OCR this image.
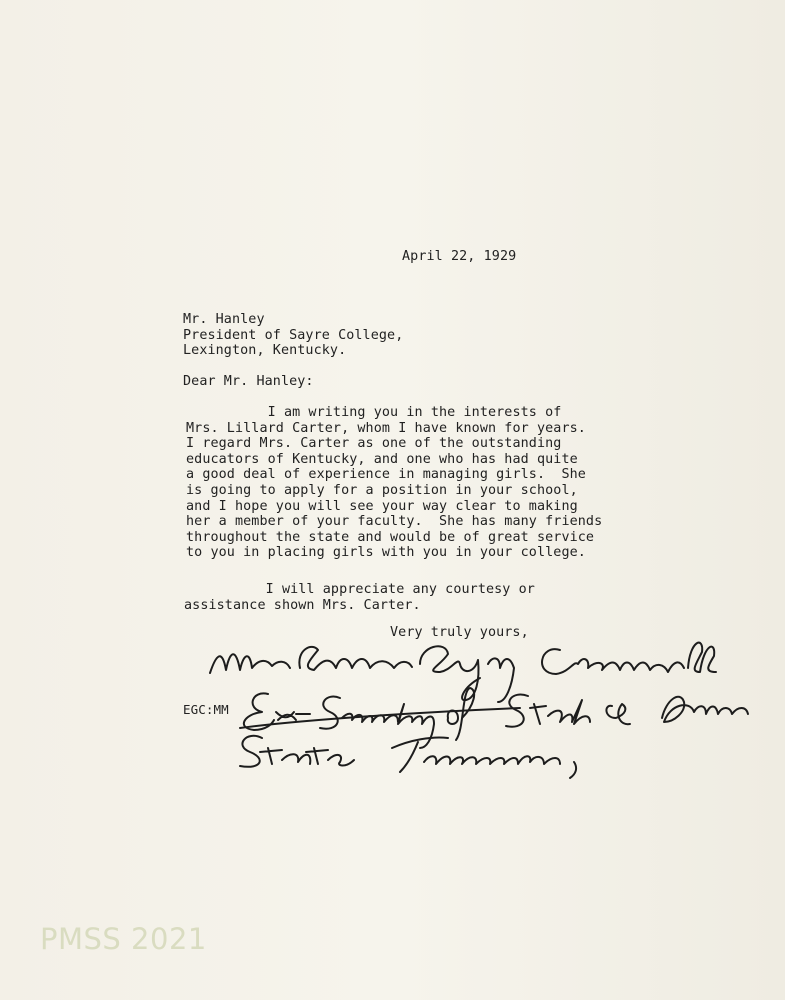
April 22, 1929
Mr. Hanley
President of Sayre College,
Lexington, Kentucky.
Dear Mr. Hanley:
I am writing you in the interests of
Mrs. Lillard Carter, whom I have known for years.
I regard Mrs. Carter as one of the outstanding
educators of Kentucky, and one who has had quite
a good deal of experience in managing girls.  She
is going to apply for a position in your school,
and I hope you will see your way clear to making
her a member of your faculty.  She has many friends
throughout the state and would be of great service
to you in placing girls with you in your college.
I will appreciate any courtesy or
assistance shown Mrs. Carter.
Very truly yours,
EGC:MM
PMSS 2021
